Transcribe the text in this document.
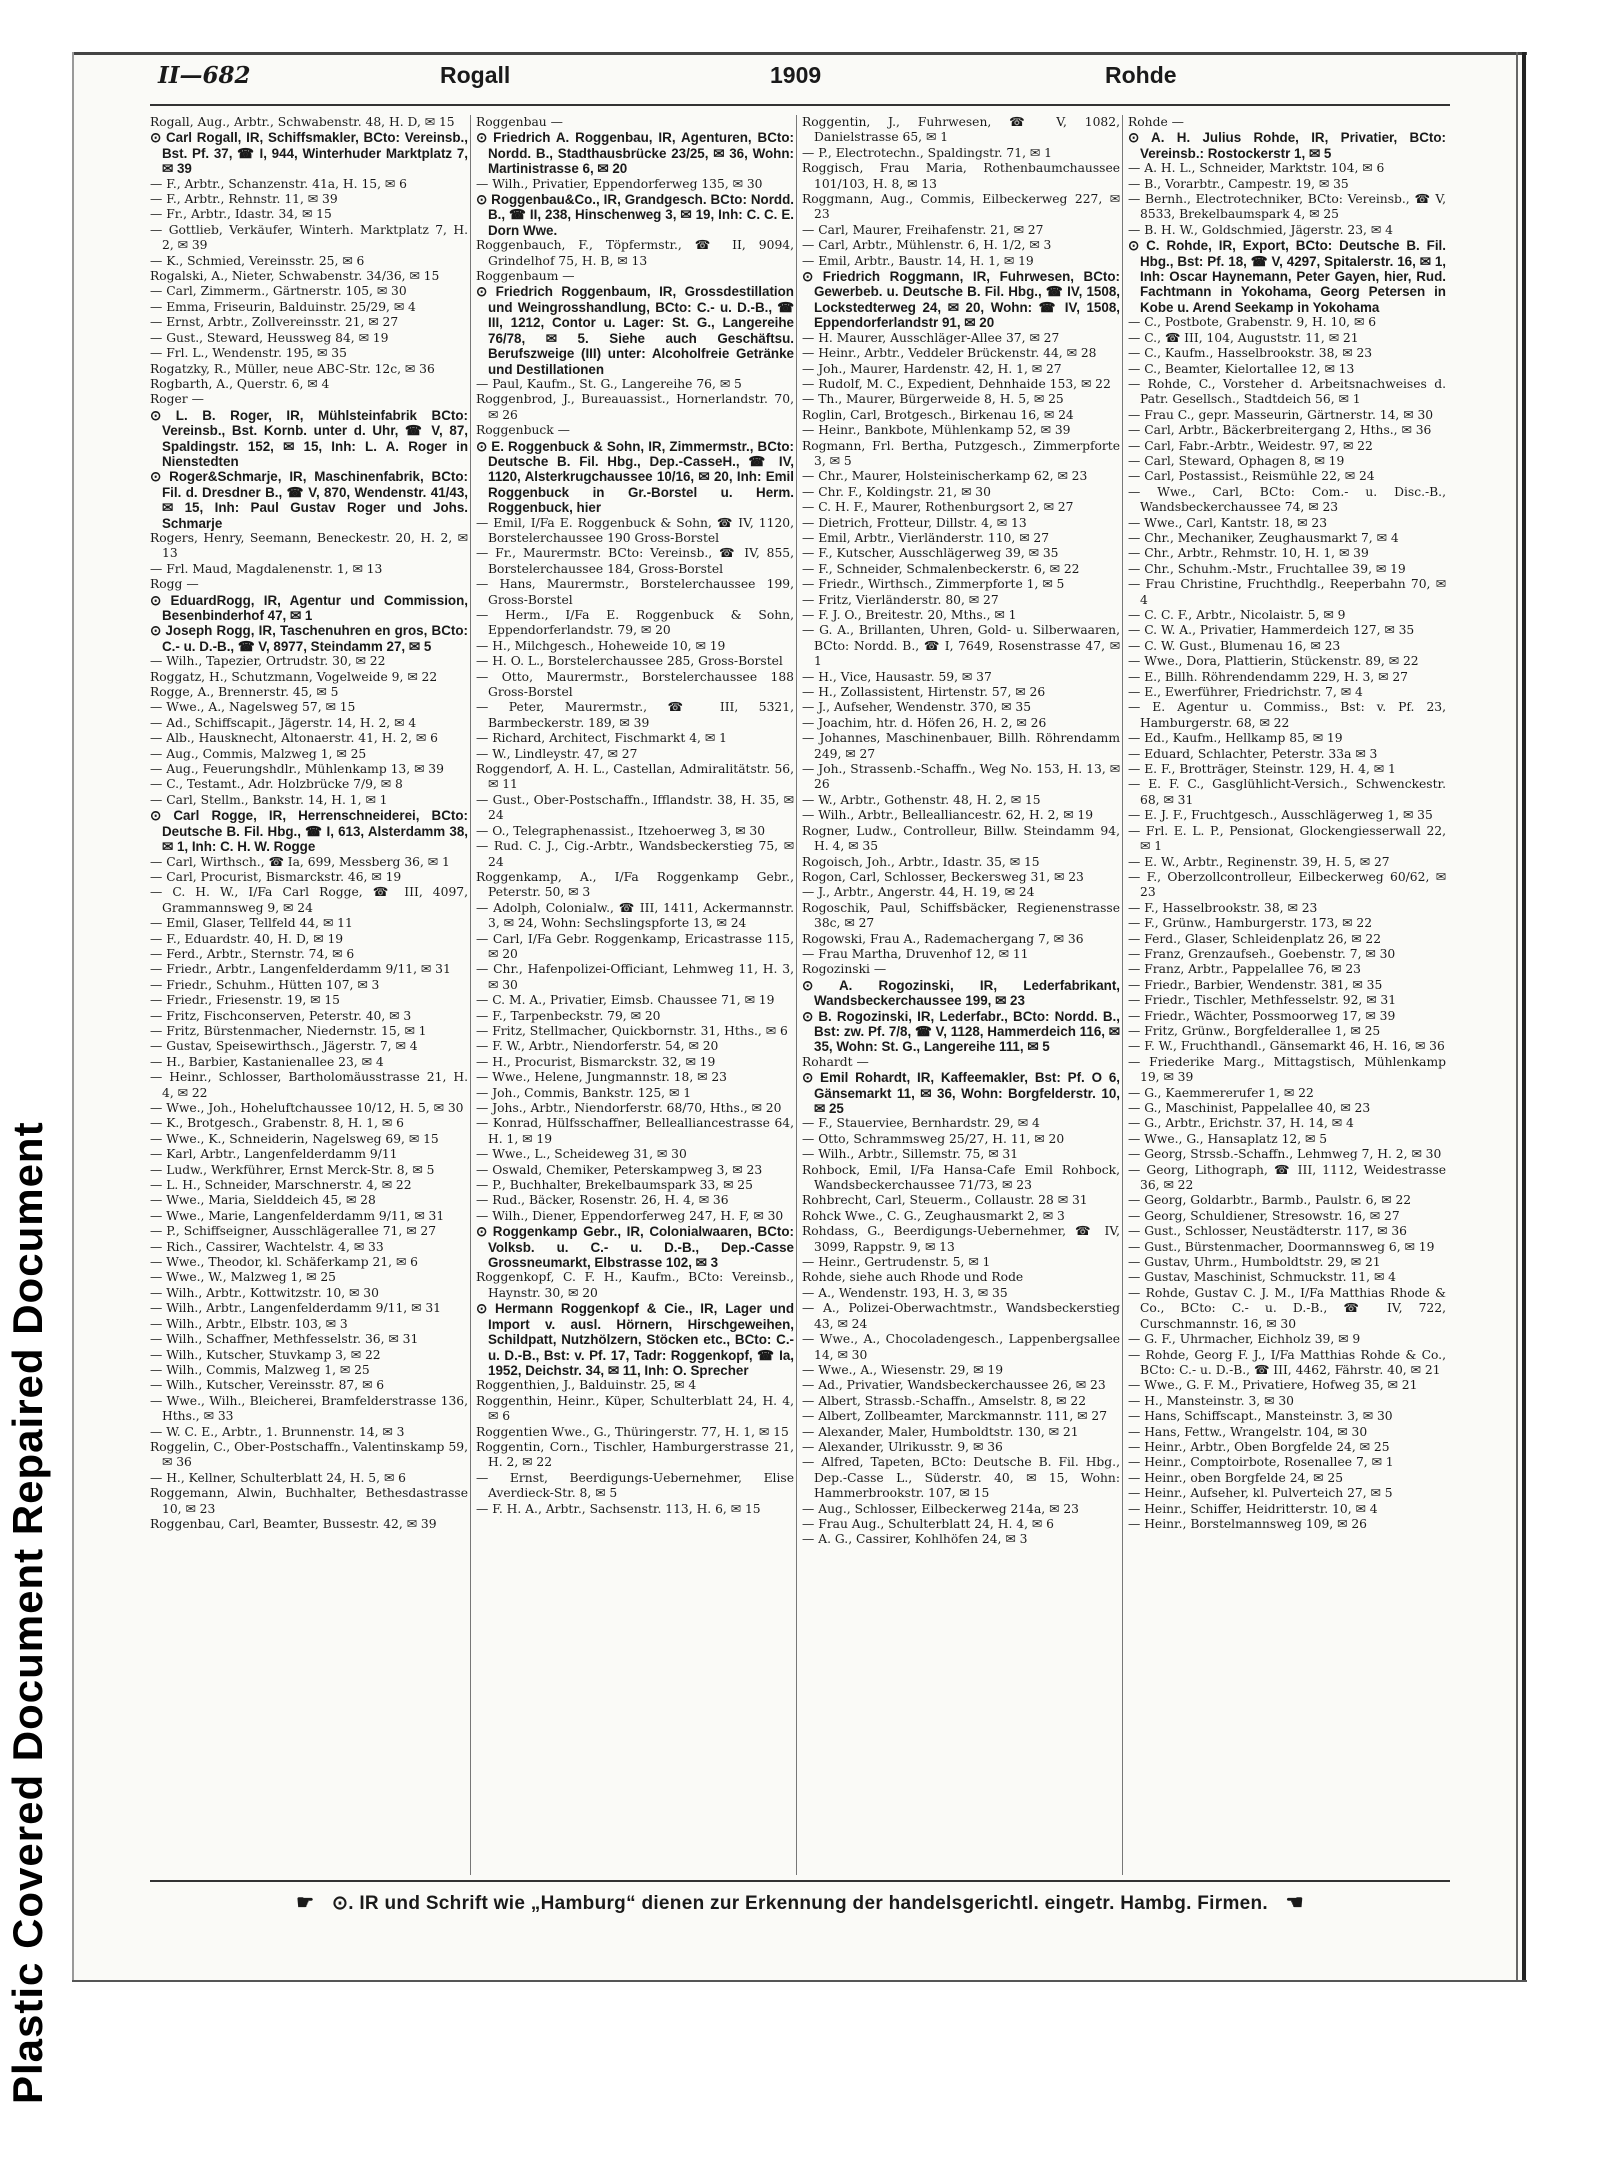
Plastic Covered Document Repaired Document
II—682	Rogall	1909	Rohde

Rogall, Aug., Arbtr., Schwabenstr. 48, H. D, ✉ 15

⊙ Carl Rogall, IR, Schiffsmakler, BCto: Vereinsb., Bst. Pf. 37, ☎ I, 944, Winterhuder Marktplatz 7, ✉ 39

— F., Arbtr., Schanzenstr. 41a, H. 15, ✉ 6

— F., Arbtr., Rehnstr. 11, ✉ 39

— Fr., Arbtr., Idastr. 34, ✉ 15

— Gottlieb, Verkäufer, Winterh. Marktplatz 7, H. 2, ✉ 39

— K., Schmied, Vereinsstr. 25, ✉ 6

Rogalski, A., Nieter, Schwabenstr. 34/36, ✉ 15

— Carl, Zimmerm., Gärtnerstr. 105, ✉ 30

— Emma, Friseurin, Balduinstr. 25/29, ✉ 4

— Ernst, Arbtr., Zollvereinsstr. 21, ✉ 27

— Gust., Steward, Heussweg 84, ✉ 19

— Frl. L., Wendenstr. 195, ✉ 35

Rogatzky, R., Müller, neue ABC-Str. 12c, ✉ 36

Rogbarth, A., Querstr. 6, ✉ 4

Roger —

⊙ L. B. Roger, IR, Mühlsteinfabrik BCto: Vereinsb., Bst. Kornb. unter d. Uhr, ☎ V, 87, Spaldingstr. 152, ✉ 15, Inh: L. A. Roger in Nienstedten

⊙ Roger&Schmarje, IR, Maschinenfabrik, BCto: Fil. d. Dresdner B., ☎ V, 870, Wendenstr. 41/43, ✉ 15, Inh: Paul Gustav Roger und Johs. Schmarje

Rogers, Henry, Seemann, Beneckestr. 20, H. 2, ✉ 13

— Frl. Maud, Magdalenenstr. 1, ✉ 13

Rogg —

⊙ EduardRogg, IR, Agentur und Commission, Besenbinderhof 47, ✉ 1

⊙ Joseph Rogg, IR, Taschenuhren en gros, BCto: C.- u. D.-B., ☎ V, 8977, Steindamm 27, ✉ 5

— Wilh., Tapezier, Ortrudstr. 30, ✉ 22

Roggatz, H., Schutzmann, Vogelweide 9, ✉ 22

Rogge, A., Brennerstr. 45, ✉ 5

— Wwe., A., Nagelsweg 57, ✉ 15

— Ad., Schiffscapit., Jägerstr. 14, H. 2, ✉ 4

— Alb., Hausknecht, Altonaerstr. 41, H. 2, ✉ 6

— Aug., Commis, Malzweg 1, ✉ 25

— Aug., Feuerungshdlr., Mühlenkamp 13, ✉ 39

— C., Testamt., Adr. Holzbrücke 7/9, ✉ 8

— Carl, Stellm., Bankstr. 14, H. 1, ✉ 1

⊙ Carl Rogge, IR, Herrenschneiderei, BCto: Deutsche B. Fil. Hbg., ☎ I, 613, Alsterdamm 38, ✉ 1, Inh: C. H. W. Rogge

— Carl, Wirthsch., ☎ Ia, 699, Messberg 36, ✉ 1

— Carl, Procurist, Bismarckstr. 46, ✉ 19

— C. H. W., I/Fa Carl Rogge, ☎ III, 4097, Grammannsweg 9, ✉ 24

— Emil, Glaser, Tellfeld 44, ✉ 11

— F., Eduardstr. 40, H. D, ✉ 19

— Ferd., Arbtr., Sternstr. 74, ✉ 6

— Friedr., Arbtr., Langenfelderdamm 9/11, ✉ 31

— Friedr., Schuhm., Hütten 107, ✉ 3

— Friedr., Friesenstr. 19, ✉ 15

— Fritz, Fischconserven, Peterstr. 40, ✉ 3

— Fritz, Bürstenmacher, Niedernstr. 15, ✉ 1

— Gustav, Speisewirthsch., Jägerstr. 7, ✉ 4

— H., Barbier, Kastanienallee 23, ✉ 4

— Heinr., Schlosser, Bartholomäusstrasse 21, H. 4, ✉ 22

— Wwe., Joh., Hoheluftchaussee 10/12, H. 5, ✉ 30

— K., Brotgesch., Grabenstr. 8, H. 1, ✉ 6

— Wwe., K., Schneiderin, Nagelsweg 69, ✉ 15

— Karl, Arbtr., Langenfelderdamm 9/11

— Ludw., Werkführer, Ernst Merck-Str. 8, ✉ 5

— L. H., Schneider, Marschnerstr. 4, ✉ 22

— Wwe., Maria, Sielddeich 45, ✉ 28

— Wwe., Marie, Langenfelderdamm 9/11, ✉ 31

— P., Schiffseigner, Ausschlägerallee 71, ✉ 27

— Rich., Cassirer, Wachtelstr. 4, ✉ 33

— Wwe., Theodor, kl. Schäferkamp 21, ✉ 6

— Wwe., W., Malzweg 1, ✉ 25

— Wilh., Arbtr., Kottwitzstr. 10, ✉ 30

— Wilh., Arbtr., Langenfelderdamm 9/11, ✉ 31

— Wilh., Arbtr., Elbstr. 103, ✉ 3

— Wilh., Schaffner, Methfesselstr. 36, ✉ 31

— Wilh., Kutscher, Stuvkamp 3, ✉ 22

— Wilh., Commis, Malzweg 1, ✉ 25

— Wilh., Kutscher, Vereinsstr. 87, ✉ 6

— Wwe., Wilh., Bleicherei, Bramfelderstrasse 136, Hths., ✉ 33

— W. C. E., Arbtr., 1. Brunnenstr. 14, ✉ 3

Roggelin, C., Ober-Postschaffn., Valentinskamp 59, ✉ 36

— H., Kellner, Schulterblatt 24, H. 5, ✉ 6

Roggemann, Alwin, Buchhalter, Bethesdastrasse 10, ✉ 23

Roggenbau, Carl, Beamter, Bussestr. 42, ✉ 39

Roggenbau —

⊙ Friedrich A. Roggenbau, IR, Agenturen, BCto: Nordd. B., Stadthausbrücke 23/25, ✉ 36, Wohn: Martinistrasse 6, ✉ 20

— Wilh., Privatier, Eppendorferweg 135, ✉ 30

⊙ Roggenbau&Co., IR, Grandgesch. BCto: Nordd. B., ☎ II, 238, Hinschenweg 3, ✉ 19, Inh: C. C. E. Dorn Wwe.

Roggenbauch, F., Töpfermstr., ☎ II, 9094, Grindelhof 75, H. B, ✉ 13

Roggenbaum —

⊙ Friedrich Roggenbaum, IR, Grossdestillation und Weingrosshandlung, BCto: C.- u. D.-B., ☎ III, 1212, Contor u. Lager: St. G., Langereihe 76/78, ✉ 5. Siehe auch Geschäftsu. Berufszweige (III) unter: Alcoholfreie Getränke und Destillationen

— Paul, Kaufm., St. G., Langereihe 76, ✉ 5

Roggenbrod, J., Bureauassist., Hornerlandstr. 70, ✉ 26

Roggenbuck —

⊙ E. Roggenbuck & Sohn, IR, Zimmermstr., BCto: Deutsche B. Fil. Hbg., Dep.-CasseH., ☎ IV, 1120, Alsterkrugchaussee 10/16, ✉ 20, Inh: Emil Roggenbuck in Gr.-Borstel u. Herm. Roggenbuck, hier

— Emil, I/Fa E. Roggenbuck & Sohn, ☎ IV, 1120, Borstelerchaussee 190 Gross-Borstel

— Fr., Maurermstr. BCto: Vereinsb., ☎ IV, 855, Borstelerchaussee 184, Gross-Borstel

— Hans, Maurermstr., Borstelerchaussee 199, Gross-Borstel

— Herm., I/Fa E. Roggenbuck & Sohn, Eppendorferlandstr. 79, ✉ 20

— H., Milchgesch., Hoheweide 10, ✉ 19

— H. O. L., Borstelerchaussee 285, Gross-Borstel

— Otto, Maurermstr., Borstelerchaussee 188 Gross-Borstel

— Peter, Maurermstr., ☎ III, 5321, Barmbeckerstr. 189, ✉ 39

— Richard, Architect, Fischmarkt 4, ✉ 1

— W., Lindleystr. 47, ✉ 27

Roggendorf, A. H. L., Castellan, Admiralitätstr. 56, ✉ 11

— Gust., Ober-Postschaffn., Ifflandstr. 38, H. 35, ✉ 24

— O., Telegraphenassist., Itzehoerweg 3, ✉ 30

— Rud. C. J., Cig.-Arbtr., Wandsbeckerstieg 75, ✉ 24

Roggenkamp, A., I/Fa Roggenkamp Gebr., Peterstr. 50, ✉ 3

— Adolph, Colonialw., ☎ III, 1411, Ackermannstr. 3, ✉ 24, Wohn: Sechslingspforte 13, ✉ 24

— Carl, I/Fa Gebr. Roggenkamp, Ericastrasse 115, ✉ 20

— Chr., Hafenpolizei-Officiant, Lehmweg 11, H. 3, ✉ 30

— C. M. A., Privatier, Eimsb. Chaussee 71, ✉ 19

— F., Tarpenbeckstr. 79, ✉ 20

— Fritz, Stellmacher, Quickbornstr. 31, Hths., ✉ 6

— F. W., Arbtr., Niendorferstr. 54, ✉ 20

— H., Procurist, Bismarckstr. 32, ✉ 19

— Wwe., Helene, Jungmannstr. 18, ✉ 23

— Joh., Commis, Bankstr. 125, ✉ 1

— Johs., Arbtr., Niendorferstr. 68/70, Hths., ✉ 20

— Konrad, Hülfsschaffner, Bellealliancestrasse 64, H. 1, ✉ 19

— Wwe., L., Scheideweg 31, ✉ 30

— Oswald, Chemiker, Peterskampweg 3, ✉ 23

— P., Buchhalter, Brekelbaumspark 33, ✉ 25

— Rud., Bäcker, Rosenstr. 26, H. 4, ✉ 36

— Wilh., Diener, Eppendorferweg 247, H. F, ✉ 30

⊙ Roggenkamp Gebr., IR, Colonialwaaren, BCto: Volksb. u. C.- u. D.-B., Dep.-Casse Grossneumarkt, Elbstrasse 102, ✉ 3

Roggenkopf, C. F. H., Kaufm., BCto: Vereinsb., Haynstr. 30, ✉ 20

⊙ Hermann Roggenkopf & Cie., IR, Lager und Import v. ausl. Hörnern, Hirschgeweihen, Schildpatt, Nutzhölzern, Stöcken etc., BCto: C.- u. D.-B., Bst: v. Pf. 17, Tadr: Roggenkopf, ☎ Ia, 1952, Deichstr. 34, ✉ 11, Inh: O. Sprecher

Roggenthien, J., Balduinstr. 25, ✉ 4

Roggenthin, Heinr., Küper, Schulterblatt 24, H. 4, ✉ 6

Roggentien Wwe., G., Thüringerstr. 77, H. 1, ✉ 15

Roggentin, Corn., Tischler, Hamburgerstrasse 21, H. 2, ✉ 22

— Ernst, Beerdigungs-Uebernehmer, Elise Averdieck-Str. 8, ✉ 5

— F. H. A., Arbtr., Sachsenstr. 113, H. 6, ✉ 15

Roggentin, J., Fuhrwesen, ☎ V, 1082, Danielstrasse 65, ✉ 1

— P., Electrotechn., Spaldingstr. 71, ✉ 1

Roggisch, Frau Maria, Rothenbaumchaussee 101/103, H. 8, ✉ 13

Roggmann, Aug., Commis, Eilbeckerweg 227, ✉ 23

— Carl, Maurer, Freihafenstr. 21, ✉ 27

— Carl, Arbtr., Mühlenstr. 6, H. 1/2, ✉ 3

— Emil, Arbtr., Baustr. 14, H. 1, ✉ 19

⊙ Friedrich Roggmann, IR, Fuhrwesen, BCto: Gewerbeb. u. Deutsche B. Fil. Hbg., ☎ IV, 1508, Lockstedterweg 24, ✉ 20, Wohn: ☎ IV, 1508, Eppendorferlandstr 91, ✉ 20

— H. Maurer, Ausschläger-Allee 37, ✉ 27

— Heinr., Arbtr., Veddeler Brückenstr. 44, ✉ 28

— Joh., Maurer, Hardenstr. 42, H. 1, ✉ 27

— Rudolf, M. C., Expedient, Dehnhaide 153, ✉ 22

— Th., Maurer, Bürgerweide 8, H. 5, ✉ 25

Roglin, Carl, Brotgesch., Birkenau 16, ✉ 24

— Heinr., Bankbote, Mühlenkamp 52, ✉ 39

Rogmann, Frl. Bertha, Putzgesch., Zimmerpforte 3, ✉ 5

— Chr., Maurer, Holsteinischerkamp 62, ✉ 23

— Chr. F., Koldingstr. 21, ✉ 30

— C. H. F., Maurer, Rothenburgsort 2, ✉ 27

— Dietrich, Frotteur, Dillstr. 4, ✉ 13

— Emil, Arbtr., Vierländerstr. 110, ✉ 27

— F., Kutscher, Ausschlägerweg 39, ✉ 35

— F., Schneider, Schmalenbeckerstr. 6, ✉ 22

— Friedr., Wirthsch., Zimmerpforte 1, ✉ 5

— Fritz, Vierländerstr. 80, ✉ 27

— F. J. O., Breitestr. 20, Mths., ✉ 1

— G. A., Brillanten, Uhren, Gold- u. Silberwaaren, BCto: Nordd. B., ☎ I, 7649, Rosenstrasse 47, ✉ 1

— H., Vice, Hausastr. 59, ✉ 37

— H., Zollassistent, Hirtenstr. 57, ✉ 26

— J., Aufseher, Wendenstr. 370, ✉ 35

— Joachim, htr. d. Höfen 26, H. 2, ✉ 26

— Johannes, Maschinenbauer, Billh. Röhrendamm 249, ✉ 27

— Joh., Strassenb.-Schaffn., Weg No. 153, H. 13, ✉ 26

— W., Arbtr., Gothenstr. 48, H. 2, ✉ 15

— Wilh., Arbtr., Bellealliancestr. 62, H. 2, ✉ 19

Rogner, Ludw., Controlleur, Billw. Steindamm 94, H. 4, ✉ 35

Rogoisch, Joh., Arbtr., Idastr. 35, ✉ 15

Rogon, Carl, Schlosser, Beckersweg 31, ✉ 23

— J., Arbtr., Angerstr. 44, H. 19, ✉ 24

Rogoschik, Paul, Schiffsbäcker, Regienenstrasse 38c, ✉ 27

Rogowski, Frau A., Rademachergang 7, ✉ 36

— Frau Martha, Druvenhof 12, ✉ 11

Rogozinski —

⊙ A. Rogozinski, IR, Lederfabrikant, Wandsbeckerchaussee 199, ✉ 23

⊙ B. Rogozinski, IR, Lederfabr., BCto: Nordd. B., Bst: zw. Pf. 7/8, ☎ V, 1128, Hammerdeich 116, ✉ 35, Wohn: St. G., Langereihe 111, ✉ 5

Rohardt —

⊙ Emil Rohardt, IR, Kaffeemakler, Bst: Pf. O 6, Gänsemarkt 11, ✉ 36, Wohn: Borgfelderstr. 10, ✉ 25

— F., Stauerviee, Bernhardstr. 29, ✉ 4

— Otto, Schrammsweg 25/27, H. 11, ✉ 20

— Wilh., Arbtr., Sillemstr. 75, ✉ 31

Rohbock, Emil, I/Fa Hansa-Cafe Emil Rohbock, Wandsbeckerchaussee 71/73, ✉ 23

Rohbrecht, Carl, Steuerm., Collaustr. 28 ✉ 31

Rohck Wwe., C. G., Zeughausmarkt 2, ✉ 3

Rohdass, G., Beerdigungs-Uebernehmer, ☎ IV, 3099, Rappstr. 9, ✉ 13

— Heinr., Gertrudenstr. 5, ✉ 1

Rohde, siehe auch Rhode und Rode

— A., Wendenstr. 193, H. 3, ✉ 35

— A., Polizei-Oberwachtmstr., Wandsbeckerstieg 43, ✉ 24

— Wwe., A., Chocoladengesch., Lappenbergsallee 14, ✉ 30

— Wwe., A., Wiesenstr. 29, ✉ 19

— Ad., Privatier, Wandsbeckerchaussee 26, ✉ 23

— Albert, Strassb.-Schaffn., Amselstr. 8, ✉ 22

— Albert, Zollbeamter, Marckmannstr. 111, ✉ 27

— Alexander, Maler, Humboldtstr. 130, ✉ 21

— Alexander, Ulrikusstr. 9, ✉ 36

— Alfred, Tapeten, BCto: Deutsche B. Fil. Hbg., Dep.-Casse L., Süderstr. 40, ✉ 15, Wohn: Hammerbrookstr. 107, ✉ 15

— Aug., Schlosser, Eilbeckerweg 214a, ✉ 23

— Frau Aug., Schulterblatt 24, H. 4, ✉ 6

— A. G., Cassirer, Kohlhöfen 24, ✉ 3

Rohde —

⊙ A. H. Julius Rohde, IR, Privatier, BCto: Vereinsb.: Rostockerstr 1, ✉ 5

— A. H. L., Schneider, Marktstr. 104, ✉ 6

— B., Vorarbtr., Campestr. 19, ✉ 35

— Bernh., Electrotechniker, BCto: Vereinsb., ☎ V, 8533, Brekelbaumspark 4, ✉ 25

— B. H. W., Goldschmied, Jägerstr. 23, ✉ 4

⊙ C. Rohde, IR, Export, BCto: Deutsche B. Fil. Hbg., Bst: Pf. 18, ☎ V, 4297, Spitalerstr. 16, ✉ 1, Inh: Oscar Haynemann, Peter Gayen, hier, Rud. Fachtmann in Yokohama, Georg Petersen in Kobe u. Arend Seekamp in Yokohama

— C., Postbote, Grabenstr. 9, H. 10, ✉ 6

— C., ☎ III, 104, Auguststr. 11, ✉ 21

— C., Kaufm., Hasselbrookstr. 38, ✉ 23

— C., Beamter, Kielortallee 12, ✉ 13

— Rohde, C., Vorsteher d. Arbeitsnachweises d. Patr. Gesellsch., Stadtdeich 56, ✉ 1

— Frau C., gepr. Masseurin, Gärtnerstr. 14, ✉ 30

— Carl, Arbtr., Bäckerbreitergang 2, Hths., ✉ 36

— Carl, Fabr.-Arbtr., Weidestr. 97, ✉ 22

— Carl, Steward, Ophagen 8, ✉ 19

— Carl, Postassist., Reismühle 22, ✉ 24

— Wwe., Carl, BCto: Com.- u. Disc.-B., Wandsbeckerchaussee 74, ✉ 23

— Wwe., Carl, Kantstr. 18, ✉ 23

— Chr., Mechaniker, Zeughausmarkt 7, ✉ 4

— Chr., Arbtr., Rehmstr. 10, H. 1, ✉ 39

— Chr., Schuhm.-Mstr., Fruchtallee 39, ✉ 19

— Frau Christine, Fruchthdlg., Reeperbahn 70, ✉ 4

— C. C. F., Arbtr., Nicolaistr. 5, ✉ 9

— C. W. A., Privatier, Hammerdeich 127, ✉ 35

— C. W. Gust., Blumenau 16, ✉ 23

— Wwe., Dora, Plattierin, Stückenstr. 89, ✉ 22

— E., Billh. Röhrendendamm 229, H. 3, ✉ 27

— E., Ewerführer, Friedrichstr. 7, ✉ 4

— E. Agentur u. Commiss., Bst: v. Pf. 23, Hamburgerstr. 68, ✉ 22

— Ed., Kaufm., Hellkamp 85, ✉ 19

— Eduard, Schlachter, Peterstr. 33a ✉ 3

— E. F., Brotträger, Steinstr. 129, H. 4, ✉ 1

— E. F. C., Gasglühlicht-Versich., Schwenckestr. 68, ✉ 31

— E. J. F., Fruchtgesch., Ausschlägerweg 1, ✉ 35

— Frl. E. L. P., Pensionat, Glockengiesserwall 22, ✉ 1

— E. W., Arbtr., Reginenstr. 39, H. 5, ✉ 27

— F., Oberzollcontrolleur, Eilbeckerweg 60/62, ✉ 23

— F., Hasselbrookstr. 38, ✉ 23

— F., Grünw., Hamburgerstr. 173, ✉ 22

— Ferd., Glaser, Schleidenplatz 26, ✉ 22

— Franz, Grenzaufseh., Goebenstr. 7, ✉ 30

— Franz, Arbtr., Pappelallee 76, ✉ 23

— Friedr., Barbier, Wendenstr. 381, ✉ 35

— Friedr., Tischler, Methfesselstr. 92, ✉ 31

— Friedr., Wächter, Possmoorweg 17, ✉ 39

— Fritz, Grünw., Borgfelderallee 1, ✉ 25

— F. W., Fruchthandl., Gänsemarkt 46, H. 16, ✉ 36

— Friederike Marg., Mittagstisch, Mühlenkamp 19, ✉ 39

— G., Kaemmererufer 1, ✉ 22

— G., Maschinist, Pappelallee 40, ✉ 23

— G., Arbtr., Erichstr. 37, H. 14, ✉ 4

— Wwe., G., Hansaplatz 12, ✉ 5

— Georg, Strssb.-Schaffn., Lehmweg 7, H. 2, ✉ 30

— Georg, Lithograph, ☎ III, 1112, Weidestrasse 36, ✉ 22

— Georg, Goldarbtr., Barmb., Paulstr. 6, ✉ 22

— Georg, Schuldiener, Stresowstr. 16, ✉ 27

— Gust., Schlosser, Neustädterstr. 117, ✉ 36

— Gust., Bürstenmacher, Doormannsweg 6, ✉ 19

— Gustav, Uhrm., Humboldtstr. 29, ✉ 21

— Gustav, Maschinist, Schmuckstr. 11, ✉ 4

— Rohde, Gustav C. J. M., I/Fa Matthias Rhode & Co., BCto: C.- u. D.-B., ☎ IV, 722, Curschmannstr. 16, ✉ 30

— G. F., Uhrmacher, Eichholz 39, ✉ 9

— Rohde, Georg F. J., I/Fa Matthias Rohde & Co., BCto: C.- u. D.-B., ☎ III, 4462, Fährstr. 40, ✉ 21

— Wwe., G. F. M., Privatiere, Hofweg 35, ✉ 21

— H., Mansteinstr. 3, ✉ 30

— Hans, Schiffscapt., Mansteinstr. 3, ✉ 30

— Hans, Fettw., Wrangelstr. 104, ✉ 30

— Heinr., Arbtr., Oben Borgfelde 24, ✉ 25

— Heinr., Comptoirbote, Rosenallee 7, ✉ 1

— Heinr., oben Borgfelde 24, ✉ 25

— Heinr., Aufseher, kl. Pulverteich 27, ✉ 5

— Heinr., Schiffer, Heidritterstr. 10, ✉ 4

— Heinr., Borstelmannsweg 109, ✉ 26

☛ ⊙. IR und Schrift wie „Hamburg“ dienen zur Erkennung der handelsgerichtl. eingetr. Hambg. Firmen. ☚
